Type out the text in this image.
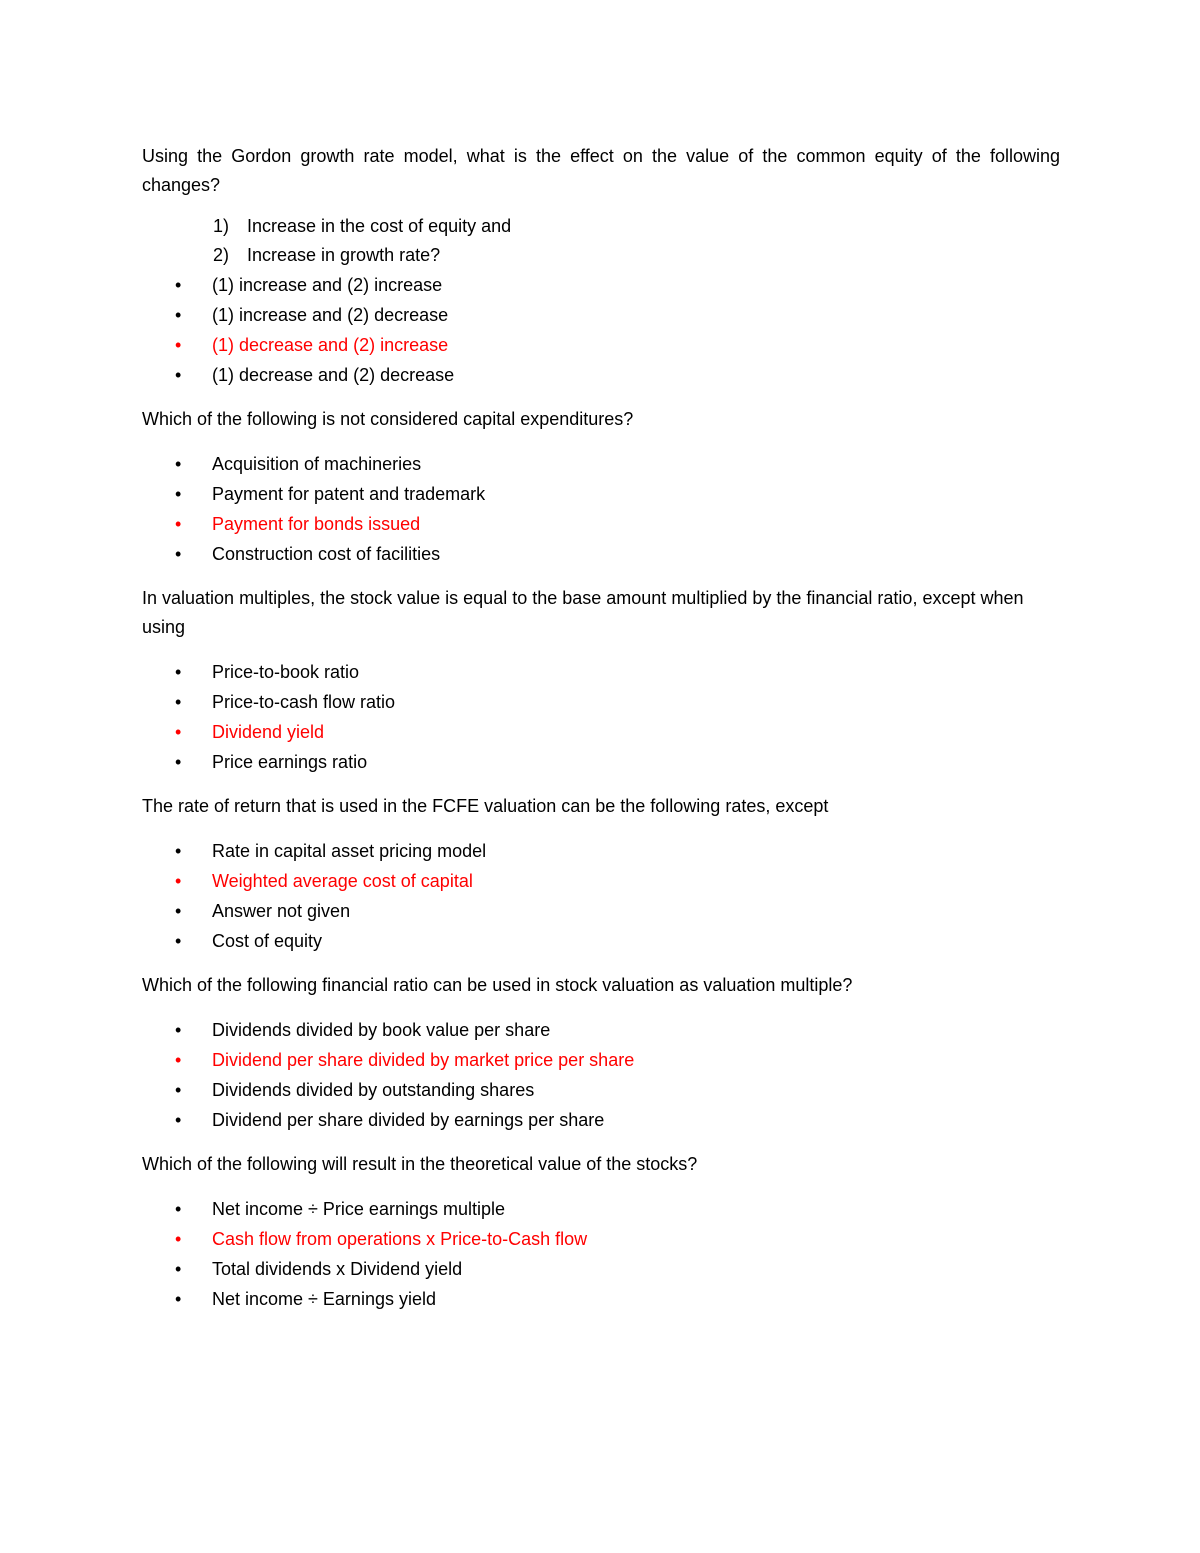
Using the Gordon growth rate model, what is the effect on the value of the common equity of the following changes?

1) Increase in the cost of equity and
2) Increase in growth rate?
• (1) increase and (2) increase
• (1) increase and (2) decrease
• (1) decrease and (2) increase
• (1) decrease and (2) decrease

Which of the following is not considered capital expenditures?

• Acquisition of machineries
• Payment for patent and trademark
• Payment for bonds issued
• Construction cost of facilities

In valuation multiples, the stock value is equal to the base amount multiplied by the financial ratio, except when using

• Price-to-book ratio
• Price-to-cash flow ratio
• Dividend yield
• Price earnings ratio

The rate of return that is used in the FCFE valuation can be the following rates, except

• Rate in capital asset pricing model
• Weighted average cost of capital
• Answer not given
• Cost of equity

Which of the following financial ratio can be used in stock valuation as valuation multiple?

• Dividends divided by book value per share
• Dividend per share divided by market price per share
• Dividends divided by outstanding shares
• Dividend per share divided by earnings per share

Which of the following will result in the theoretical value of the stocks?

• Net income ÷ Price earnings multiple
• Cash flow from operations x Price-to-Cash flow
• Total dividends x Dividend yield
• Net income ÷ Earnings yield
